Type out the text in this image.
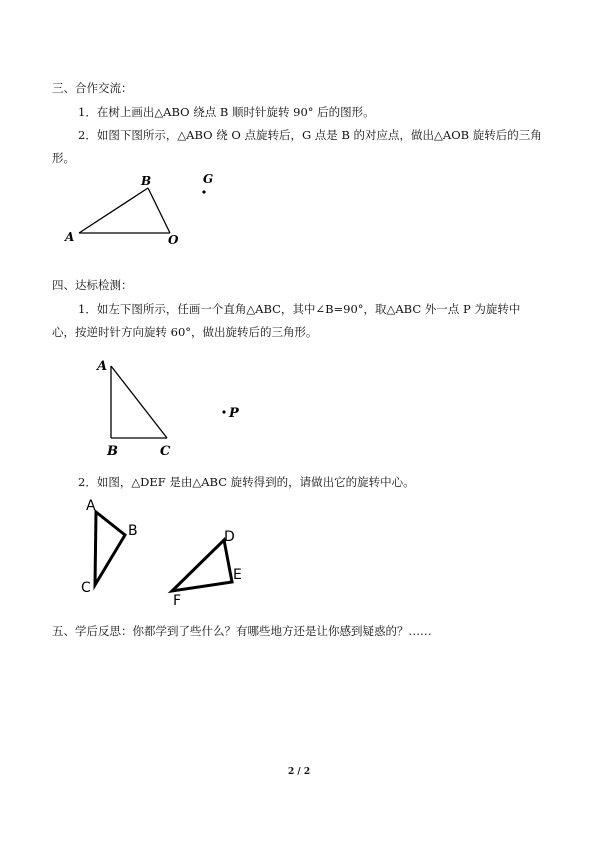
三、合作交流：
1．在树上画出△ABO 绕点 B 顺时针旋转 90° 后的图形。
2．如图下图所示，△ABO 绕 O 点旋转后，G 点是 B 的对应点，做出△AOB 旋转后的三角
形。
A
B
O
G
四、达标检测：
1．如左下图所示，任画一个直角△ABC，其中∠B=90°，取△ABC 外一点 P 为旋转中
心，按逆时针方向旋转 60°，做出旋转后的三角形。
A
B	C
P
2．如图，△DEF 是由△ABC 旋转得到的，请做出它的旋转中心。
A
B
C
D
E
F
五、学后反思：你都学到了些什么？有哪些地方还是让你感到疑惑的？……
2 / 2
